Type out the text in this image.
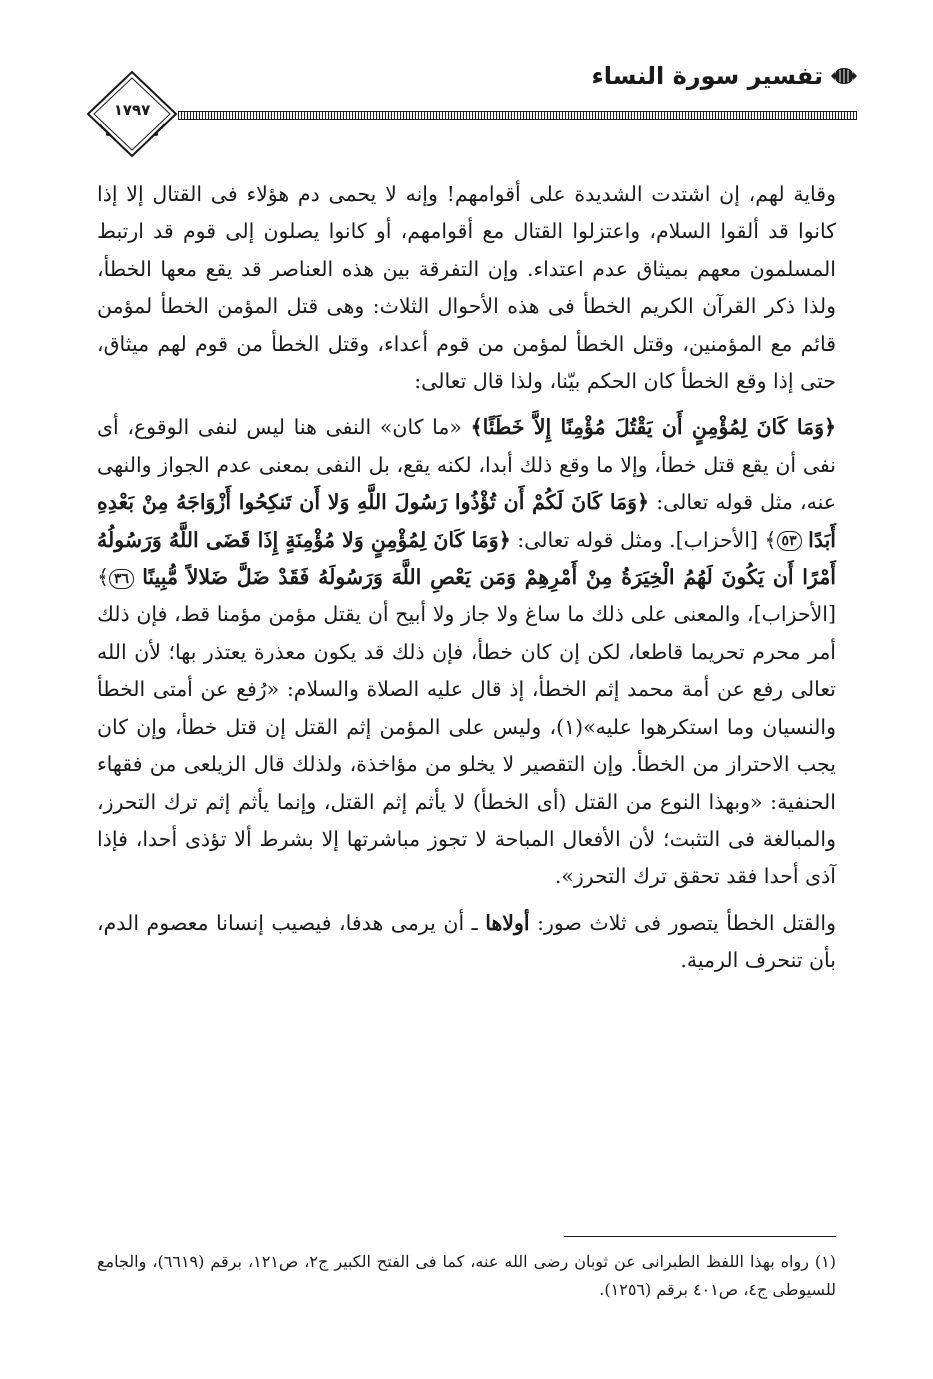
تفسير سورة النساء
١٧٩٧

وقاية لهم، إن اشتدت الشديدة على أقوامهم! وإنه لا يحمى دم هؤلاء فى القتال إلا إذا كانوا قد ألقوا السلام، واعتزلوا القتال مع أقوامهم، أو كانوا يصلون إلى قوم قد ارتبط المسلمون معهم بميثاق عدم اعتداء. وإن التفرقة بين هذه العناصر قد يقع معها الخطأ، ولذا ذكر القرآن الكريم الخطأ فى هذه الأحوال الثلاث: وهى قتل المؤمن الخطأ لمؤمن قائم مع المؤمنين، وقتل الخطأ لمؤمن من قوم أعداء، وقتل الخطأ من قوم لهم ميثاق، حتى إذا وقع الخطأ كان الحكم بيّنا، ولذا قال تعالى:

﴿وَمَا كَانَ لِمُؤْمِنٍ أَن يَقْتُلَ مُؤْمِنًا إِلاَّ خَطَئًا﴾ «ما كان» النفى هنا ليس لنفى الوقوع، أى نفى أن يقع قتل خطأ، وإلا ما وقع ذلك أبدا، لكنه يقع، بل النفى بمعنى عدم الجواز والنهى عنه، مثل قوله تعالى: ﴿وَمَا كَانَ لَكُمْ أَن تُؤْذُوا رَسُولَ اللَّهِ وَلا أَن تَنكِحُوا أَزْوَاجَهُ مِنْ بَعْدِهِ أَبَدًا ٥٣﴾ [الأحزاب]. ومثل قوله تعالى: ﴿وَمَا كَانَ لِمُؤْمِنٍ وَلا مُؤْمِنَةٍ إِذَا قَضَى اللَّهُ وَرَسُولُهُ أَمْرًا أَن يَكُونَ لَهُمُ الْخِيَرَةُ مِنْ أَمْرِهِمْ وَمَن يَعْصِ اللَّهَ وَرَسُولَهُ فَقَدْ ضَلَّ ضَلالاً مُّبِينًا ٣٦﴾ [الأحزاب]، والمعنى على ذلك ما ساغ ولا جاز ولا أبيح أن يقتل مؤمن مؤمنا قط، فإن ذلك أمر محرم تحريما قاطعا، لكن إن كان خطأ، فإن ذلك قد يكون معذرة يعتذر بها؛ لأن الله تعالى رفع عن أمة محمد إثم الخطأ، إذ قال عليه الصلاة والسلام: «رُفع عن أمتى الخطأ والنسيان وما استكرهوا عليه»(١)، وليس على المؤمن إثم القتل إن قتل خطأ، وإن كان يجب الاحتراز من الخطأ. وإن التقصير لا يخلو من مؤاخذة، ولذلك قال الزيلعى من فقهاء الحنفية: «وبهذا النوع من القتل (أى الخطأ) لا يأثم إثم القتل، وإنما يأثم إثم ترك التحرز، والمبالغة فى التثبت؛ لأن الأفعال المباحة لا تجوز مباشرتها إلا بشرط ألا تؤذى أحدا، فإذا آذى أحدا فقد تحقق ترك التحرز».

والقتل الخطأ يتصور فى ثلاث صور: أولاها ـ أن يرمى هدفا، فيصيب إنسانا معصوم الدم، بأن تنحرف الرمية.

(١) رواه بهذا اللفظ الطبرانى عن ثوبان رضى الله عنه، كما فى الفتح الكبير ج٢، ص١٢١، برقم (٦٦١٩)، والجامع للسيوطى ج٤، ص٤٠١ برقم (١٢٥٦).
